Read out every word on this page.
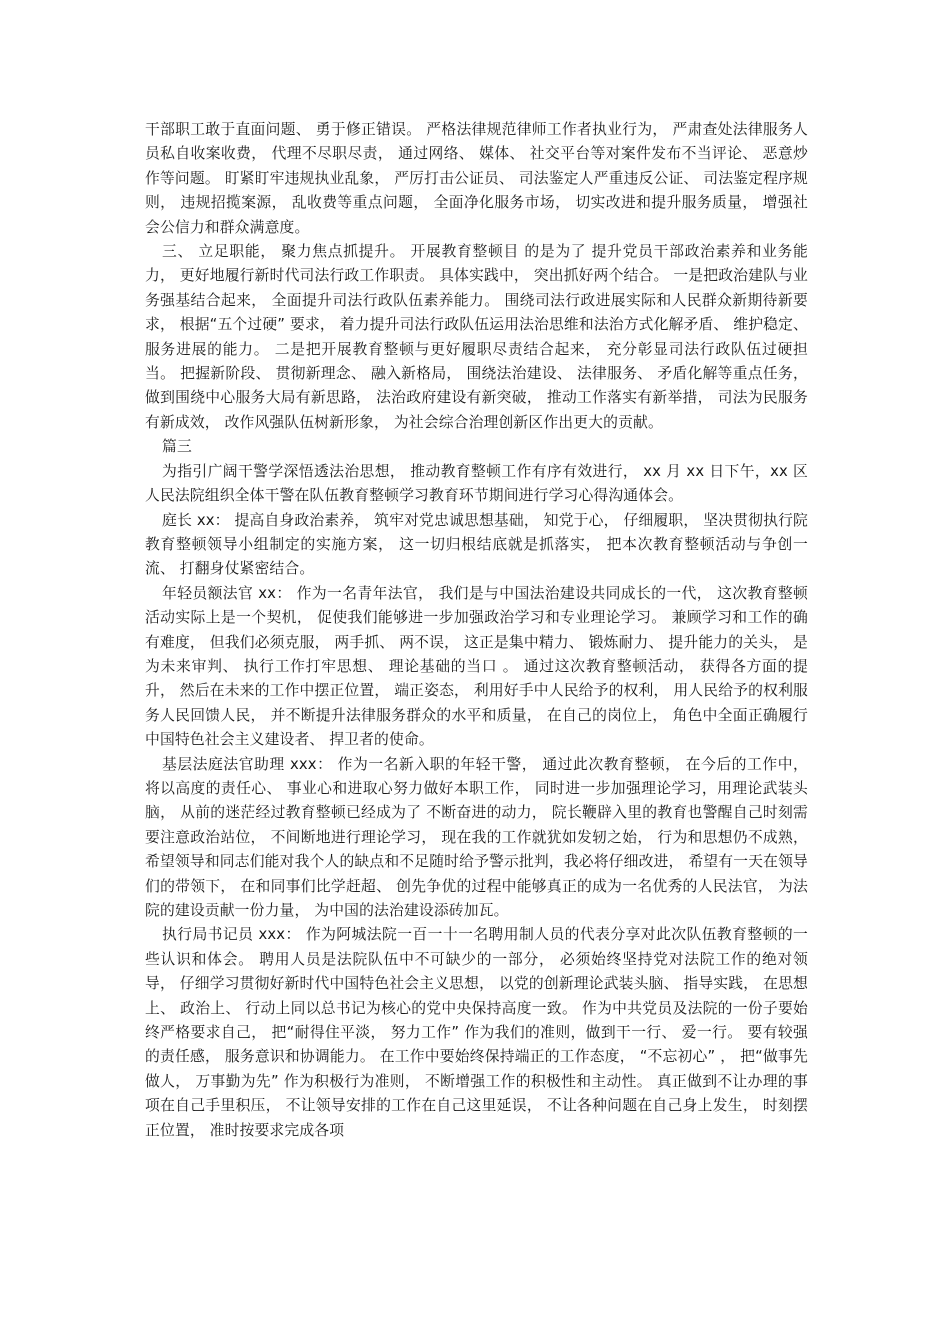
干部职工敢于直面问题、 勇于修正错误。 严格法律规范律师工作者执业行为， 严肃查处法律服务人员私自收案收费， 代理不尽职尽责， 通过网络、 媒体、 社交平台等对案件发布不当评论、 恶意炒作等问题。 盯紧盯牢违规执业乱象， 严厉打击公证员、 司法鉴定人严重违反公证、 司法鉴定程序规则， 违规招揽案源， 乱收费等重点问题， 全面净化服务市场， 切实改进和提升服务质量， 增强社会公信力和群众满意度。

三、 立足职能， 聚力焦点抓提升。 开展教育整顿目 的是为了 提升党员干部政治素养和业务能力， 更好地履行新时代司法行政工作职责。 具体实践中， 突出抓好两个结合。 一是把政治建队与业务强基结合起来， 全面提升司法行政队伍素养能力。 围绕司法行政进展实际和人民群众新期待新要求， 根据“五个过硬” 要求， 着力提升司法行政队伍运用法治思维和法治方式化解矛盾、 维护稳定、 服务进展的能力。 二是把开展教育整顿与更好履职尽责结合起来， 充分彰显司法行政队伍过硬担当。 把握新阶段、 贯彻新理念、 融入新格局， 围绕法治建设、 法律服务、 矛盾化解等重点任务， 做到围绕中心服务大局有新思路， 法治政府建设有新突破， 推动工作落实有新举措， 司法为民服务有新成效， 改作风强队伍树新形象， 为社会综合治理创新区作出更大的贡献。

篇三

为指引广阔干警学深悟透法治思想， 推动教育整顿工作有序有效进行， xx 月 xx 日下午，xx 区人民法院组织全体干警在队伍教育整顿学习教育环节期间进行学习心得沟通体会。

庭长 xx： 提高自身政治素养， 筑牢对党忠诚思想基础， 知党于心， 仔细履职， 坚决贯彻执行院教育整顿领导小组制定的实施方案， 这一切归根结底就是抓落实， 把本次教育整顿活动与争创一流、 打翻身仗紧密结合。

年轻员额法官 xx： 作为一名青年法官， 我们是与中国法治建设共同成长的一代， 这次教育整顿活动实际上是一个契机， 促使我们能够进一步加强政治学习和专业理论学习。 兼顾学习和工作的确有难度， 但我们必须克服， 两手抓、 两不误， 这正是集中精力、 锻炼耐力、 提升能力的关头， 是为未来审判、 执行工作打牢思想、 理论基础的当口 。 通过这次教育整顿活动， 获得各方面的提升， 然后在未来的工作中摆正位置， 端正姿态， 利用好手中人民给予的权利， 用人民给予的权利服务人民回馈人民， 并不断提升法律服务群众的水平和质量， 在自己的岗位上， 角色中全面正确履行中国特色社会主义建设者、 捍卫者的使命。

基层法庭法官助理 xxx： 作为一名新入职的年轻干警， 通过此次教育整顿， 在今后的工作中， 将以高度的责任心、 事业心和进取心努力做好本职工作， 同时进一步加强理论学习，用理论武装头脑， 从前的迷茫经过教育整顿已经成为了 不断奋进的动力， 院长鞭辟入里的教育也警醒自己时刻需要注意政治站位， 不间断地进行理论学习， 现在我的工作就犹如发轫之始， 行为和思想仍不成熟， 希望领导和同志们能对我个人的缺点和不足随时给予警示批判，我必将仔细改进， 希望有一天在领导们的带领下， 在和同事们比学赶超、 创先争优的过程中能够真正的成为一名优秀的人民法官， 为法院的建设贡献一份力量， 为中国的法治建设添砖加瓦。

执行局书记员 xxx： 作为阿城法院一百一十一名聘用制人员的代表分享对此次队伍教育整顿的一些认识和体会。 聘用人员是法院队伍中不可缺少的一部分， 必须始终坚持党对法院工作的绝对领导， 仔细学习贯彻好新时代中国特色社会主义思想， 以党的创新理论武装头脑、 指导实践， 在思想上、 政治上、 行动上同以总书记为核心的党中央保持高度一致。 作为中共党员及法院的一份子要始终严格要求自己， 把“耐得住平淡， 努力工作” 作为我们的准则，做到干一行、 爱一行。 要有较强的责任感， 服务意识和协调能力。 在工作中要始终保持端正的工作态度， “不忘初心” ， 把“做事先做人， 万事勤为先” 作为积极行为准则， 不断增强工作的积极性和主动性。 真正做到不让办理的事项在自己手里积压， 不让领导安排的工作在自己这里延误， 不让各种问题在自己身上发生， 时刻摆正位置， 准时按要求完成各项
